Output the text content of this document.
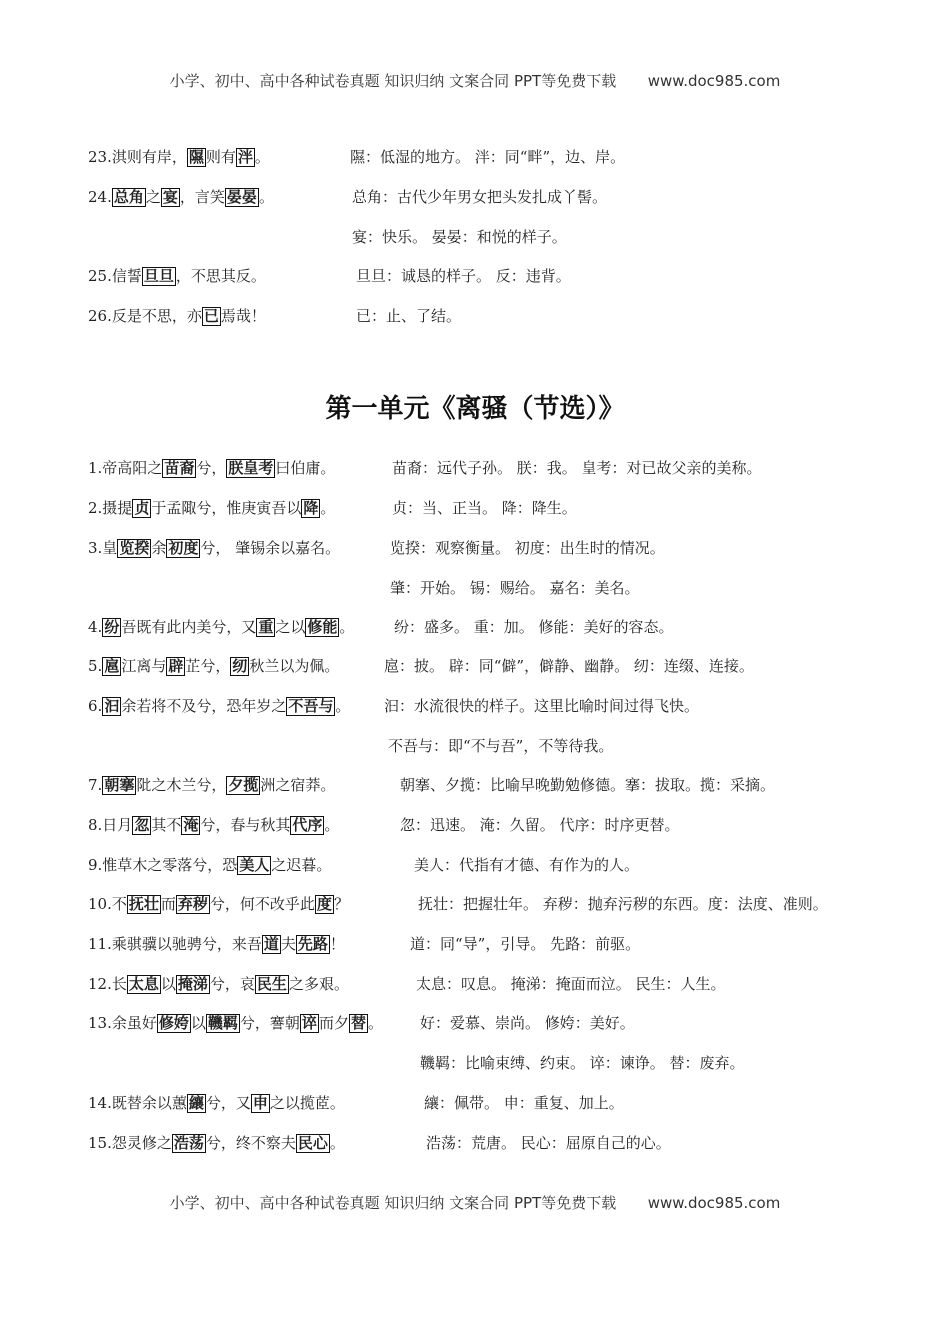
小学、初中、高中各种试卷真题 知识归纳 文案合同 PPT等免费下载 www.doc985.com
第一单元《离骚（节选）》
23.淇则有岸， 隰 则有 泮 。	隰：低湿的地方。 泮：同“畔”，边、岸。
24. 总角 之 宴 ，言笑 晏晏 。	总角：古代少年男女把头发扎成丫髻。
宴：快乐。 晏晏：和悦的样子。
25.信誓 旦旦 ，不思其反。	旦旦：诚恳的样子。 反：违背。
26.反是不思，亦 已 焉哉！	已：止、了结。
1.帝高阳之 苗裔 兮， 朕皇考 曰伯庸。	苗裔：远代子孙。 朕：我。 皇考：对已故父亲的美称。
2.摄提 贞 于孟陬兮，惟庚寅吾以 降 。	贞：当、正当。 降：降生。
3.皇 览揆 余 初度 兮， 肇锡余以嘉名。	览揆：观察衡量。 初度：出生时的情况。
肇：开始。 锡：赐给。 嘉名：美名。
4. 纷 吾既有此内美兮，又 重 之以 修能 。	纷：盛多。 重：加。 修能：美好的容态。
5. 扈 江离与 辟 芷兮， 纫 秋兰以为佩。	扈：披。 辟：同“僻”，僻静、幽静。 纫：连缀、连接。
6. 汩 余若将不及兮，恐年岁之 不吾与 。 汩：水流很快的样子。这里比喻时间过得飞快。
不吾与：即“不与吾”，不等待我。
7. 朝搴 阰之木兰兮， 夕揽 洲之宿莽。	朝搴、夕揽：比喻早晚勤勉修德。搴：拔取。揽：采摘。
8.日月 忽 其不 淹 兮，春与秋其 代序 。	忽：迅速。 淹：久留。 代序：时序更替。
9.惟草木之零落兮，恐 美人 之迟暮。	美人：代指有才德、有作为的人。
10.不 抚壮 而 弃秽 兮，何不改乎此 度 ？	抚壮：把握壮年。 弃秽：抛弃污秽的东西。度：法度、准则。
11.乘骐骥以驰骋兮，来吾 道 夫 先路 ！	道：同“导”，引导。 先路：前驱。
12.长 太息 以 掩涕 兮，哀 民生 之多艰。	太息：叹息。 掩涕：掩面而泣。 民生：人生。
13.余虽好 修姱 以 鞿羁 兮，謇朝 谇 而夕 替 。 好：爱慕、崇尚。 修姱：美好。
鞿羁：比喻束缚、约束。 谇：谏诤。 替：废弃。
14.既替余以蕙 纕 兮，又 申 之以揽茝。	纕：佩带。 申：重复、加上。
15.怨灵修之 浩荡 兮，终不察夫 民心 。	浩荡：荒唐。 民心：屈原自己的心。
小学、初中、高中各种试卷真题 知识归纳 文案合同 PPT等免费下载 www.doc985.com
